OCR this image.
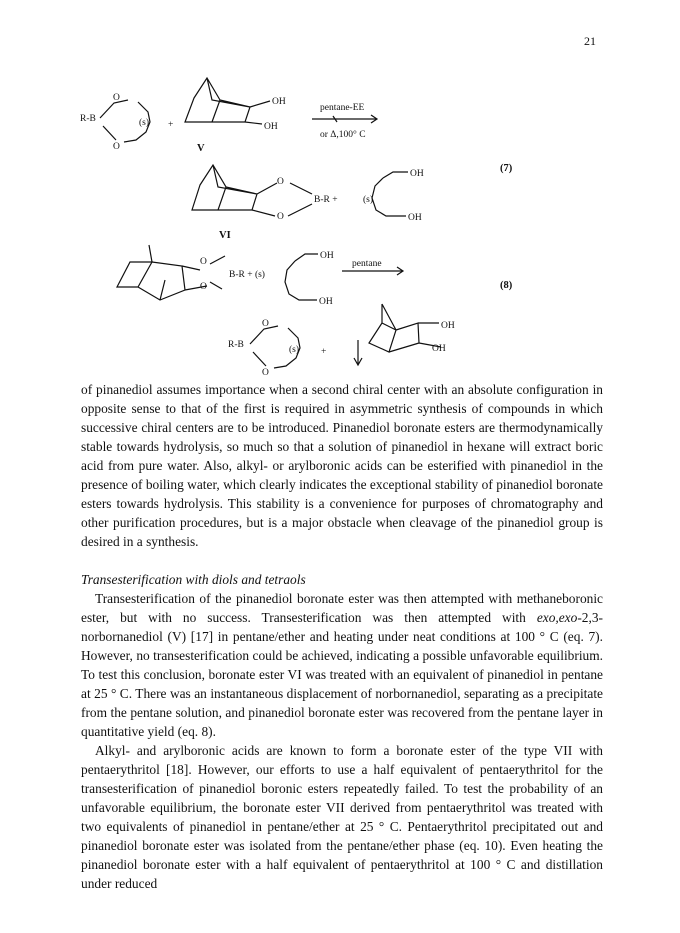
21
R-B
O
O
(s) +
OH
OH
pentane-EE
or Δ,100° C
V
O
O
B-R +	(s)
OH
OH
VI
(7)
O
O
B-R + (s)
OH
OH
pentane
(8)
R-B
O
O
(s) +
OH
OH

of pinanediol assumes importance when a second chiral center with an absolute configuration in opposite sense to that of the first is required in asymmetric synthesis of compounds in which successive chiral centers are to be introduced. Pinanediol boronate esters are thermodynamically stable towards hydrolysis, so much so that a solution of pinanediol in hexane will extract boric acid from pure water. Also, alkyl- or arylboronic acids can be esterified with pinanediol in the presence of boiling water, which clearly indicates the exceptional stability of pinanediol boronate esters towards hydrolysis. This stability is a convenience for purposes of chromatography and other purification procedures, but is a major obstacle when cleavage of the pinanediol group is desired in a synthesis.

Transesterification with diols and tetraols

Transesterification of the pinanediol boronate ester was then attempted with methaneboronic ester, but with no success. Transesterification was then attempted with exo,exo-2,3-norbornanediol (V) [17] in pentane/ether and heating under neat conditions at 100 ° C (eq. 7). However, no transesterification could be achieved, indicating a possible unfavorable equilibrium. To test this conclusion, boronate ester VI was treated with an equivalent of pinanediol in pentane at 25 ° C. There was an instantaneous displacement of norbornanediol, separating as a precipitate from the pentane solution, and pinanediol boronate ester was recovered from the pentane layer in quantitative yield (eq. 8).

Alkyl- and arylboronic acids are known to form a boronate ester of the type VII with pentaerythritol [18]. However, our efforts to use a half equivalent of pentaerythritol for the transesterification of pinanediol boronic esters repeatedly failed. To test the probability of an unfavorable equilibrium, the boronate ester VII derived from pentaerythritol was treated with two equivalents of pinanediol in pentane/ether at 25 ° C. Pentaerythritol precipitated out and pinanediol boronate ester was isolated from the pentane/ether phase (eq. 10). Even heating the pinanediol boronate ester with a half equivalent of pentaerythritol at 100 ° C and distillation under reduced
